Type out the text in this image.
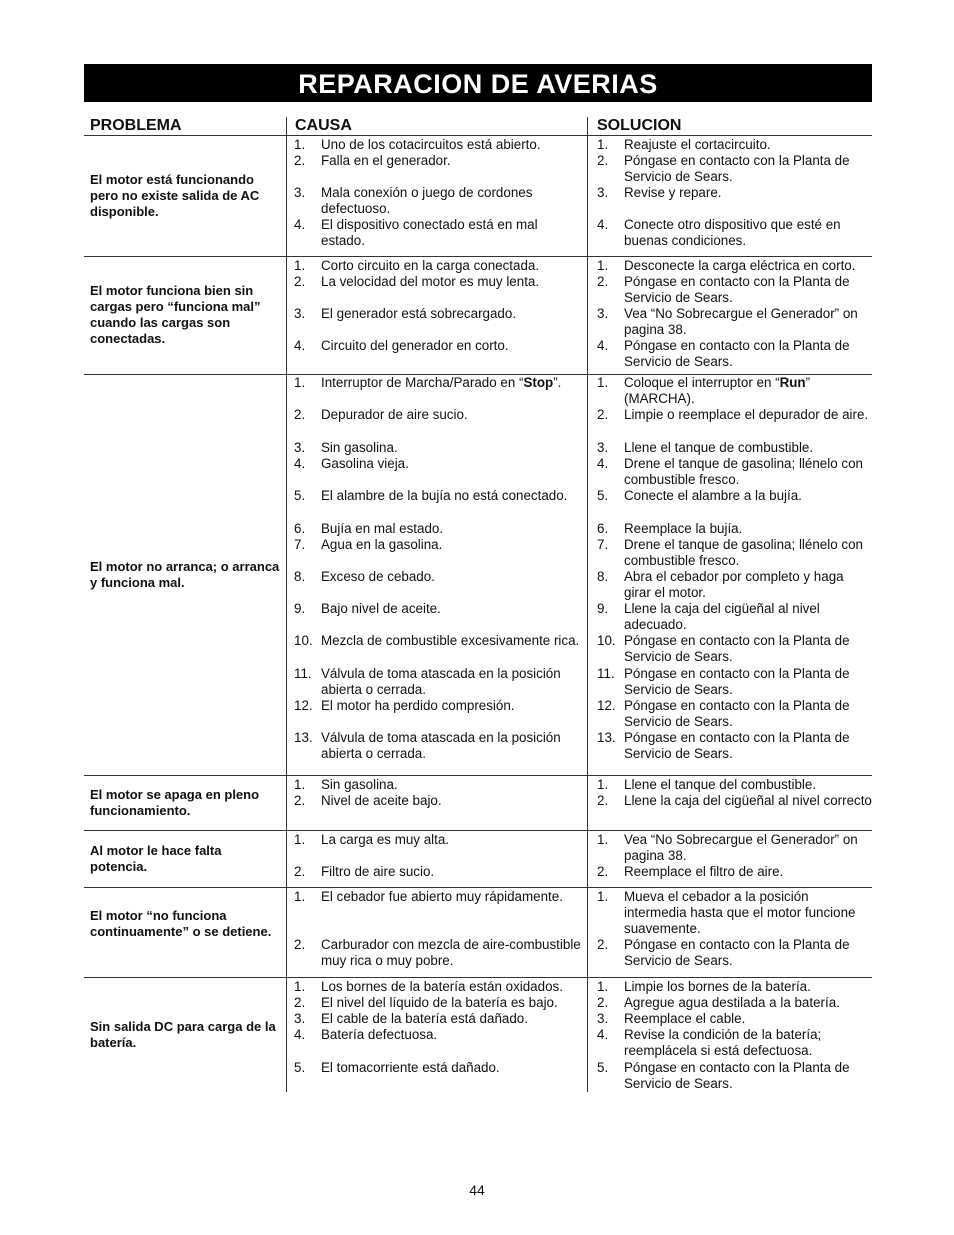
REPARACION DE AVERIAS
PROBLEMA	CAUSA	SOLUCION
El motor está funcionando pero no existe salida de AC disponible.
1. Uno de los cotacircuitos está abierto.
2. Falla en el generador.
3. Mala conexión o juego de cordones defectuoso.
4. El dispositivo conectado está en mal estado.
1. Reajuste el cortacircuito.
2. Póngase en contacto con la Planta de Servicio de Sears.
3. Revise y repare.
4. Conecte otro dispositivo que esté en buenas condiciones.
El motor funciona bien sin cargas pero “funciona mal” cuando las cargas son conectadas.
1. Corto circuito en la carga conectada.
2. La velocidad del motor es muy lenta.
3. El generador está sobrecargado.
4. Circuito del generador en corto.
1. Desconecte la carga eléctrica en corto.
2. Póngase en contacto con la Planta de Servicio de Sears.
3. Vea “No Sobrecargue el Generador” on pagina 38.
4. Póngase en contacto con la Planta de Servicio de Sears.
El motor no arranca; o arranca y funciona mal.
1. Interruptor de Marcha/Parado en “Stop”.
2. Depurador de aire sucio.
3. Sin gasolina.
4. Gasolina vieja.
5. El alambre de la bujía no está conectado.
6. Bujía en mal estado.
7. Agua en la gasolina.
8. Exceso de cebado.
9. Bajo nivel de aceite.
10. Mezcla de combustible excesivamente rica.
11. Válvula de toma atascada en la posición abierta o cerrada.
12. El motor ha perdido compresión.
13. Válvula de toma atascada en la posición abierta o cerrada.
1. Coloque el interruptor en “Run” (MARCHA).
2. Limpie o reemplace el depurador de aire.
3. Llene el tanque de combustible.
4. Drene el tanque de gasolina; llénelo con combustible fresco.
5. Conecte el alambre a la bujía.
6. Reemplace la bujía.
7. Drene el tanque de gasolina; llénelo con combustible fresco.
8. Abra el cebador por completo y haga girar el motor.
9. Llene la caja del cigüeñal al nivel adecuado.
10. Póngase en contacto con la Planta de Servicio de Sears.
11. Póngase en contacto con la Planta de Servicio de Sears.
12. Póngase en contacto con la Planta de Servicio de Sears.
13. Póngase en contacto con la Planta de Servicio de Sears.
El motor se apaga en pleno funcionamiento.
1. Sin gasolina.
2. Nivel de aceite bajo.
1. Llene el tanque del combustible.
2. Llene la caja del cigüeñal al nivel correcto
Al motor le hace falta potencia.
1. La carga es muy alta.
2. Filtro de aire sucio.
1. Vea “No Sobrecargue el Generador” on pagina 38.
2. Reemplace el filtro de aire.
El motor “no funciona continuamente” o se detiene.
1. El cebador fue abierto muy rápidamente.
2. Carburador con mezcla de aire-combustible muy rica o muy pobre.
1. Mueva el cebador a la posición intermedia hasta que el motor funcione suavemente.
2. Póngase en contacto con la Planta de Servicio de Sears.
Sin salida DC para carga de la batería.
1. Los bornes de la batería están oxidados.
2. El nivel del líquido de la batería es bajo.
3. El cable de la batería está dañado.
4. Batería defectuosa.
5. El tomacorriente está dañado.
1. Limpie los bornes de la batería.
2. Agregue agua destilada a la batería.
3. Reemplace el cable.
4. Revise la condición de la batería; reemplácela si está defectuosa.
5. Póngase en contacto con la Planta de Servicio de Sears.
44
